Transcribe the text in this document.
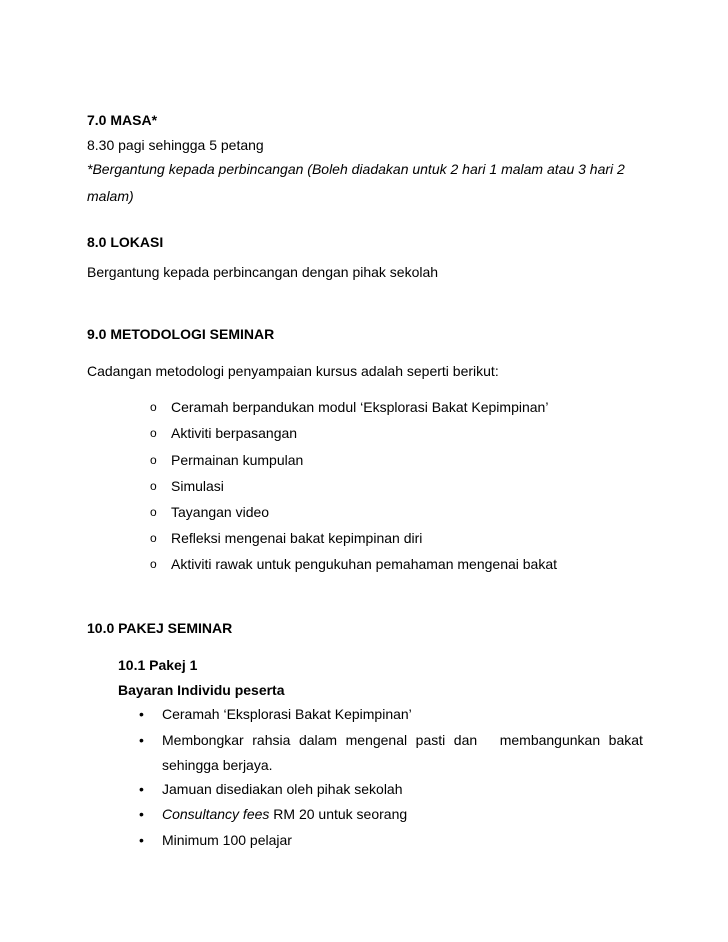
7.0 MASA*
8.30 pagi sehingga 5 petang
*Bergantung kepada perbincangan (Boleh diadakan untuk 2 hari 1 malam atau 3 hari 2
malam)
8.0 LOKASI
Bergantung kepada perbincangan dengan pihak sekolah
9.0 METODOLOGI SEMINAR
Cadangan metodologi penyampaian kursus adalah seperti berikut:
o Ceramah berpandukan modul ‘Eksplorasi Bakat Kepimpinan’
o Aktiviti berpasangan
o Permainan kumpulan
o Simulasi
o Tayangan video
o Refleksi mengenai bakat kepimpinan diri
o Aktiviti rawak untuk pengukuhan pemahaman mengenai bakat
10.0 PAKEJ SEMINAR
10.1 Pakej 1
Bayaran Individu peserta
• Ceramah ‘Eksplorasi Bakat Kepimpinan’
• Membongkar rahsia dalam mengenal pasti dan membangunkan bakat
sehingga berjaya.
• Jamuan disediakan oleh pihak sekolah
• Consultancy fees RM 20 untuk seorang
• Minimum 100 pelajar
